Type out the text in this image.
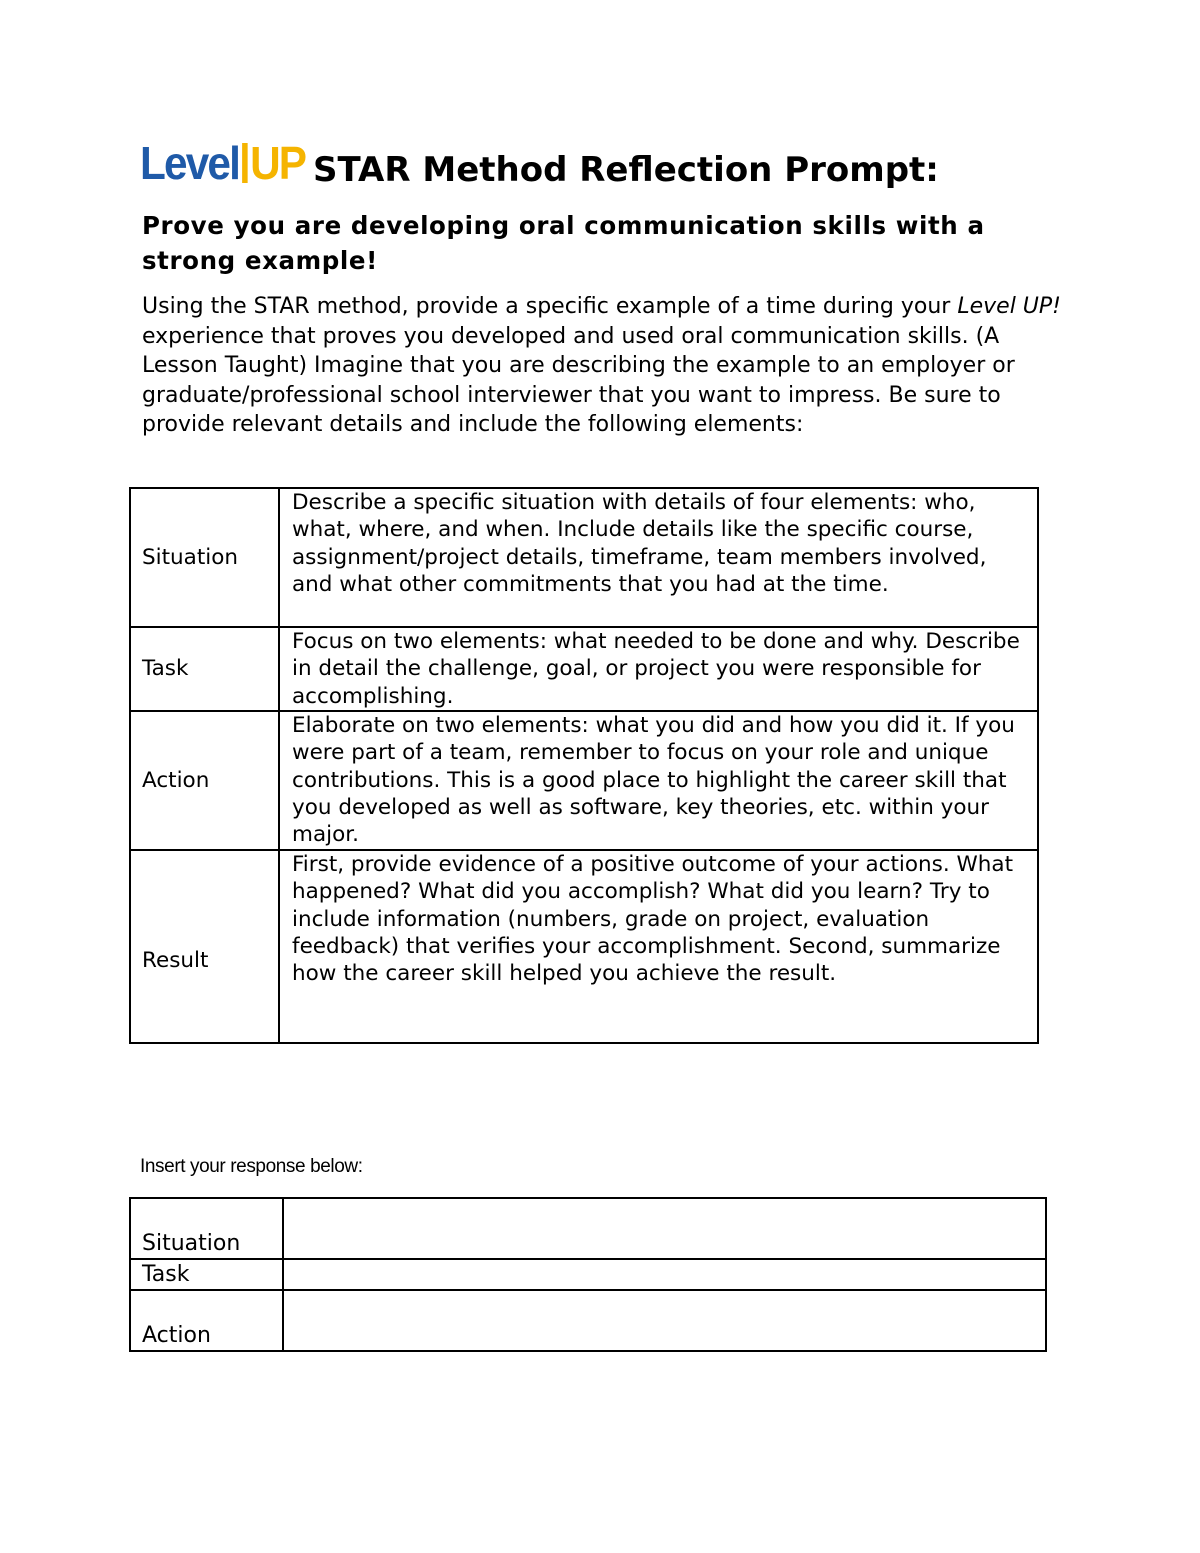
Level UP STAR Method Reflection Prompt:
Prove you are developing oral communication skills with a strong example!

Using the STAR method, provide a specific example of a time during your Level UP! experience that proves you developed and used oral communication skills. (A Lesson Taught) Imagine that you are describing the example to an employer or graduate/professional school interviewer that you want to impress. Be sure to provide relevant details and include the following elements:

Situation	Describe a specific situation with details of four elements: who, what, where, and when. Include details like the specific course, assignment/project details, timeframe, team members involved, and what other commitments that you had at the time.
Task	Focus on two elements: what needed to be done and why. Describe in detail the challenge, goal, or project you were responsible for accomplishing.
Action	Elaborate on two elements: what you did and how you did it. If you were part of a team, remember to focus on your role and unique contributions. This is a good place to highlight the career skill that you developed as well as software, key theories, etc. within your major.
Result	First, provide evidence of a positive outcome of your actions. What happened? What did you accomplish? What did you learn? Try to include information (numbers, grade on project, evaluation feedback) that verifies your accomplishment. Second, summarize how the career skill helped you achieve the result.

Insert your response below:

Situation	
Task	
Action	
